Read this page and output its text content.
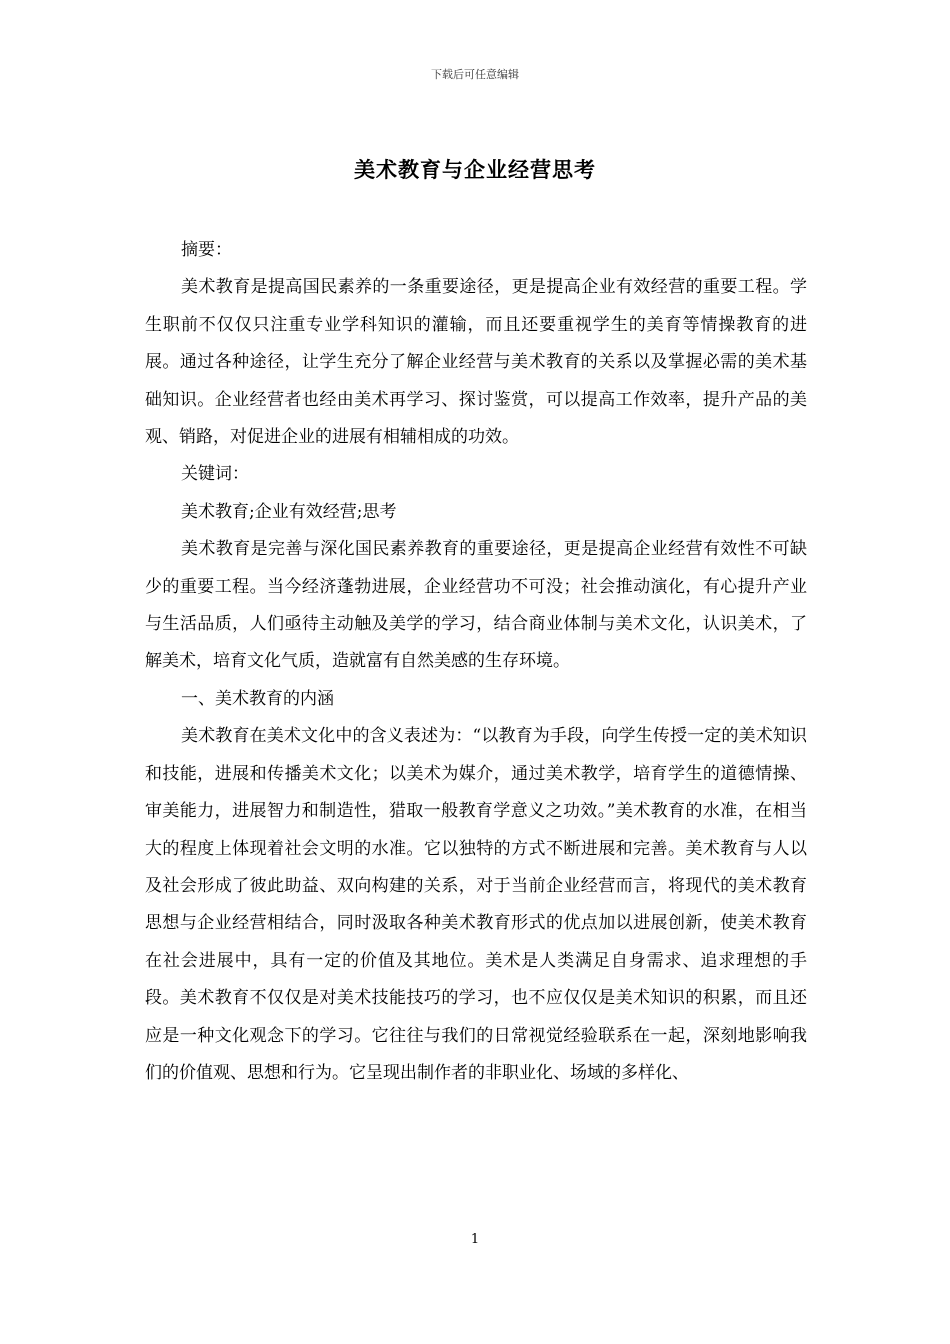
下载后可任意编辑
美术教育与企业经营思考

摘要：

美术教育是提高国民素养的一条重要途径，更是提高企业有效经营的重要工程。学生职前不仅仅只注重专业学科知识的灌输，而且还要重视学生的美育等情操教育的进展。通过各种途径，让学生充分了解企业经营与美术教育的关系以及掌握必需的美术基础知识。企业经营者也经由美术再学习、探讨鉴赏，可以提高工作效率，提升产品的美观、销路，对促进企业的进展有相辅相成的功效。

关键词：

美术教育;企业有效经营;思考

美术教育是完善与深化国民素养教育的重要途径，更是提高企业经营有效性不可缺少的重要工程。当今经济蓬勃进展，企业经营功不可没；社会推动演化，有心提升产业与生活品质，人们亟待主动触及美学的学习，结合商业体制与美术文化，认识美术，了解美术，培育文化气质，造就富有自然美感的生存环境。

一、美术教育的内涵

美术教育在美术文化中的含义表述为：“以教育为手段，向学生传授一定的美术知识和技能，进展和传播美术文化；以美术为媒介，通过美术教学，培育学生的道德情操、审美能力，进展智力和制造性，猎取一般教育学意义之功效。”美术教育的水准，在相当大的程度上体现着社会文明的水准。它以独特的方式不断进展和完善。美术教育与人以及社会形成了彼此助益、双向构建的关系，对于当前企业经营而言，将现代的美术教育思想与企业经营相结合，同时汲取各种美术教育形式的优点加以进展创新，使美术教育在社会进展中，具有一定的价值及其地位。美术是人类满足自身需求、追求理想的手段。美术教育不仅仅是对美术技能技巧的学习，也不应仅仅是美术知识的积累，而且还应是一种文化观念下的学习。它往往与我们的日常视觉经验联系在一起，深刻地影响我们的价值观、思想和行为。它呈现出制作者的非职业化、场域的多样化、

1
